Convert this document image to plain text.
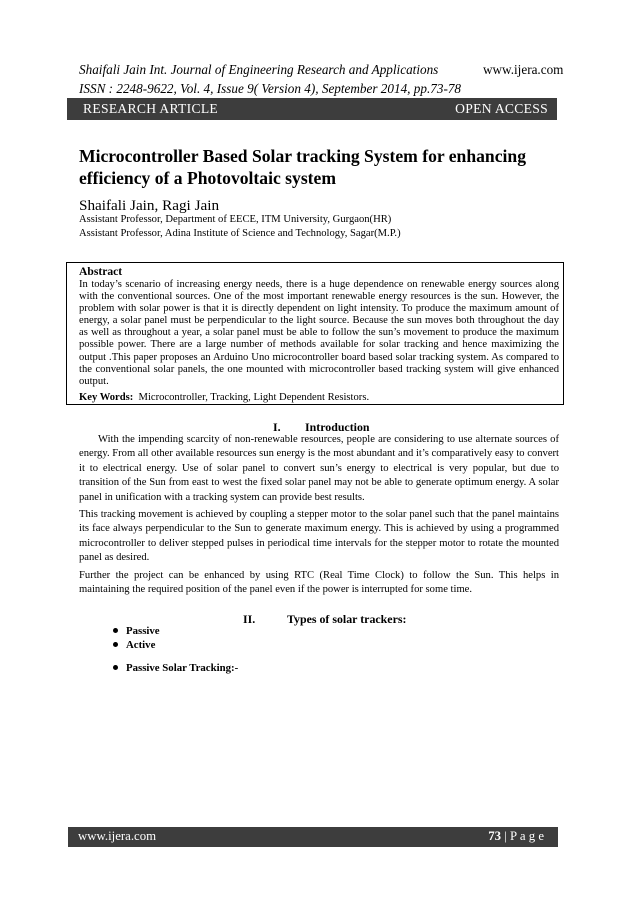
Shaifali Jain Int. Journal of Engineering Research and Applications	www.ijera.com
ISSN : 2248-9622, Vol. 4, Issue 9( Version 4), September 2014, pp.73-78
RESEARCH ARTICLE	OPEN ACCESS
Microcontroller Based Solar tracking System for enhancing
efficiency of a Photovoltaic system
Shaifali Jain, Ragi Jain
Assistant Professor, Department of EECE, ITM University, Gurgaon(HR)
Assistant Professor, Adina Institute of Science and Technology, Sagar(M.P.)
Abstract
In today’s scenario of increasing energy needs, there is a huge dependence on renewable energy sources along with the conventional sources. One of the most important renewable energy resources is the sun. However, the problem with solar power is that it is directly dependent on light intensity. To produce the maximum amount of energy, a solar panel must be perpendicular to the light source. Because the sun moves both throughout the day as well as throughout a year, a solar panel must be able to follow the sun’s movement to produce the maximum possible power. There are a large number of methods available for solar tracking and hence maximizing the output .This paper proposes an Arduino Uno microcontroller board based solar tracking system. As compared to the conventional solar panels, the one mounted with microcontroller based tracking system will give enhanced output.
Key Words: Microcontroller, Tracking, Light Dependent Resistors.
I. Introduction
With the impending scarcity of non-renewable resources, people are considering to use alternate sources of energy. From all other available resources sun energy is the most abundant and it’s comparatively easy to convert it to electrical energy. Use of solar panel to convert sun’s energy to electrical is very popular, but due to transition of the Sun from east to west the fixed solar panel may not be able to generate optimum energy. A solar panel in unification with a tracking system can provide best results.
This tracking movement is achieved by coupling a stepper motor to the solar panel such that the panel maintains its face always perpendicular to the Sun to generate maximum energy. This is achieved by using a programmed microcontroller to deliver stepped pulses in periodical time intervals for the stepper motor to rotate the mounted panel as desired.
Further the project can be enhanced by using RTC (Real Time Clock) to follow the Sun. This helps in maintaining the required position of the panel even if the power is interrupted for some time.
II.	Types of solar trackers:
Passive
Active
Passive Solar Tracking:-
www.ijera.com	73 | P a g e
